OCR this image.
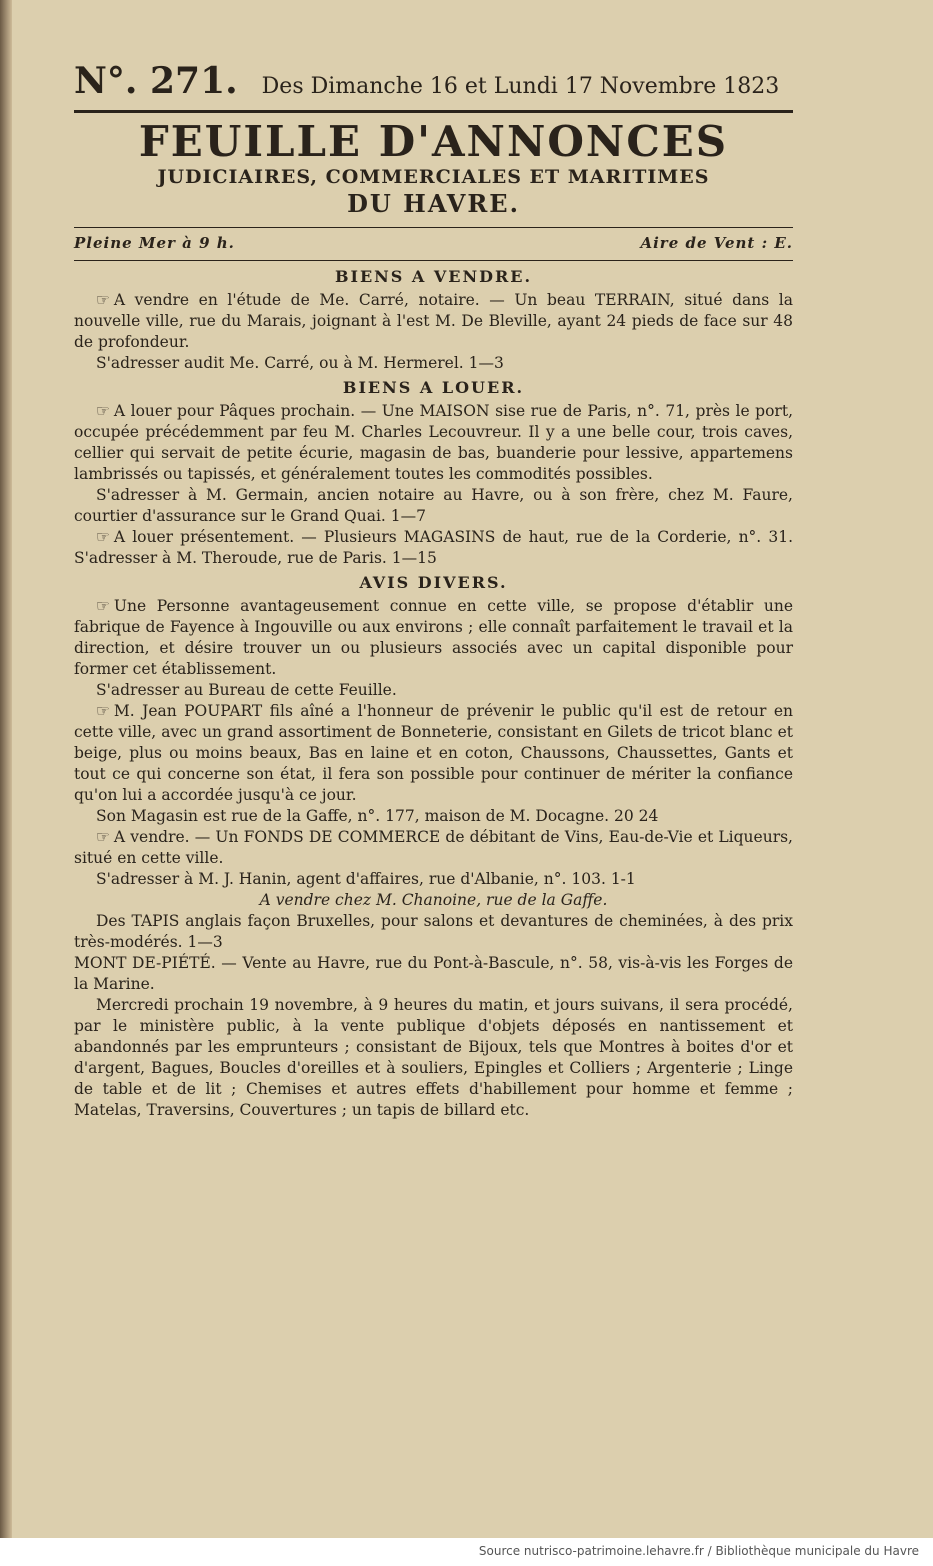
N°. 271. Des Dimanche 16 et Lundi 17 Novembre 1823
FEUILLE D'ANNONCES
JUDICIAIRES, COMMERCIALES ET MARITIMES
DU HAVRE.
Pleine Mer à 9 h.	Aire de Vent : E.
BIENS A VENDRE.

☞ A vendre en l'étude de Me. Carré, notaire. — Un beau TERRAIN, situé dans la nouvelle ville, rue du Marais, joignant à l'est M. De Bleville, ayant 24 pieds de face sur 48 de profondeur.

S'adresser audit Me. Carré, ou à M. Hermerel. 1—3

BIENS A LOUER.

☞ A louer pour Pâques prochain. — Une MAISON sise rue de Paris, n°. 71, près le port, occupée précédemment par feu M. Charles Lecouvreur. Il y a une belle cour, trois caves, cellier qui servait de petite écurie, magasin de bas, buanderie pour lessive, appartemens lambrissés ou tapissés, et généralement toutes les commodités possibles.

S'adresser à M. Germain, ancien notaire au Havre, ou à son frère, chez M. Faure, courtier d'assurance sur le Grand Quai. 1—7

☞ A louer présentement. — Plusieurs MAGASINS de haut, rue de la Corderie, n°. 31. S'adresser à M. Theroude, rue de Paris. 1—15

AVIS DIVERS.

☞ Une Personne avantageusement connue en cette ville, se propose d'établir une fabrique de Fayence à Ingouville ou aux environs ; elle connaît parfaitement le travail et la direction, et désire trouver un ou plusieurs associés avec un capital disponible pour former cet établissement.

S'adresser au Bureau de cette Feuille.

☞ M. Jean POUPART fils aîné a l'honneur de prévenir le public qu'il est de retour en cette ville, avec un grand assortiment de Bonneterie, consistant en Gilets de tricot blanc et beige, plus ou moins beaux, Bas en laine et en coton, Chaussons, Chaussettes, Gants et tout ce qui concerne son état, il fera son possible pour continuer de mériter la confiance qu'on lui a accordée jusqu'à ce jour.

Son Magasin est rue de la Gaffe, n°. 177, maison de M. Docagne. 20 24

☞ A vendre. — Un FONDS DE COMMERCE de débitant de Vins, Eau-de-Vie et Liqueurs, situé en cette ville.

S'adresser à M. J. Hanin, agent d'affaires, rue d'Albanie, n°. 103. 1-1

A vendre chez M. Chanoine, rue de la Gaffe.

Des TAPIS anglais façon Bruxelles, pour salons et devantures de cheminées, à des prix très-modérés. 1—3

MONT DE-PIÉTÉ. — Vente au Havre, rue du Pont-à-Bascule, n°. 58, vis-à-vis les Forges de la Marine.

Mercredi prochain 19 novembre, à 9 heures du matin, et jours suivans, il sera procédé, par le ministère public, à la vente publique d'objets déposés en nantissement et abandonnés par les emprunteurs ; consistant de Bijoux, tels que Montres à boites d'or et d'argent, Bagues, Boucles d'oreilles et à souliers, Epingles et Colliers ; Argenterie ; Linge de table et de lit ; Chemises et autres effets d'habillement pour homme et femme ; Matelas, Traversins, Couvertures ; un tapis de billard etc.

Source nutrisco-patrimoine.lehavre.fr / Bibliothèque municipale du Havre
